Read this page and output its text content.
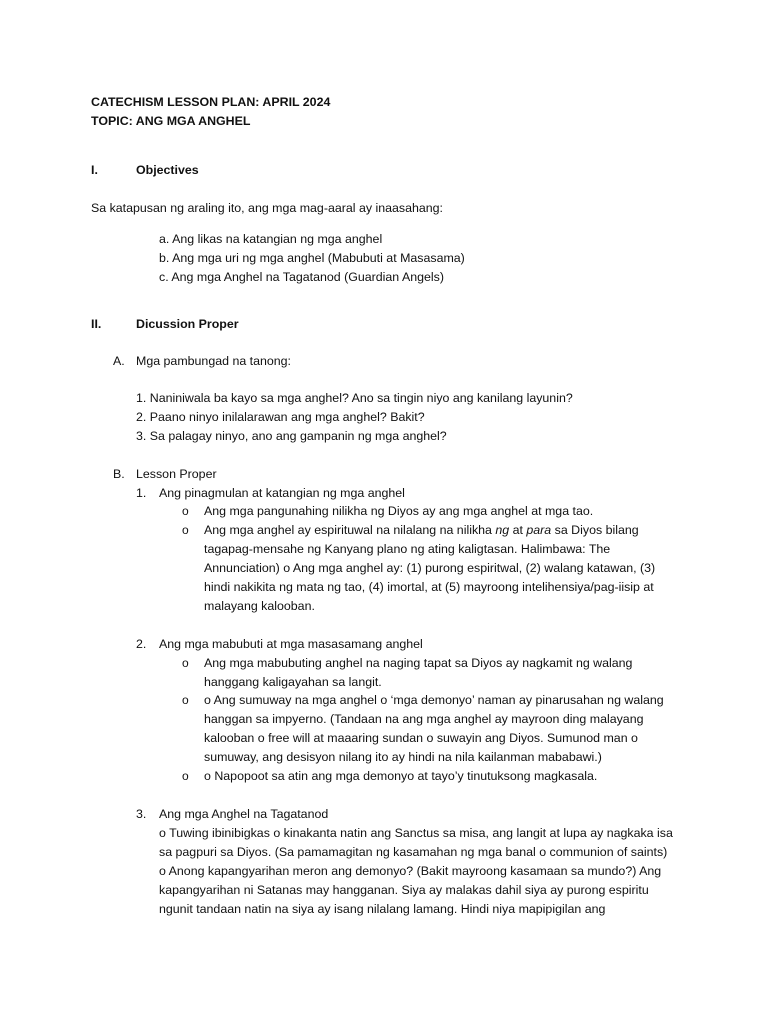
CATECHISM LESSON PLAN: APRIL 2024
TOPIC: ANG MGA ANGHEL
I.	Objectives
Sa katapusan ng araling ito, ang mga mag-aaral ay inaasahang:
a. Ang likas na katangian ng mga anghel
b. Ang mga uri ng mga anghel (Mabubuti at Masasama)
c. Ang mga Anghel na Tagatanod (Guardian Angels)
II.	Dicussion Proper
A. Mga pambungad na tanong:
1. Naniniwala ba kayo sa mga anghel? Ano sa tingin niyo ang kanilang layunin?
2. Paano ninyo inilalarawan ang mga anghel? Bakit?
3. Sa palagay ninyo, ano ang gampanin ng mga anghel?
B. Lesson Proper
1. Ang pinagmulan at katangian ng mga anghel
o Ang mga pangunahing nilikha ng Diyos ay ang mga anghel at mga tao.
o Ang mga anghel ay espirituwal na nilalang na nilikha ng at para sa Diyos bilang
tagapag-mensahe ng Kanyang plano ng ating kaligtasan. Halimbawa: The
Annunciation) o Ang mga anghel ay: (1) purong espiritwal, (2) walang katawan, (3)
hindi nakikita ng mata ng tao, (4) imortal, at (5) mayroong intelihensiya/pag-iisip at
malayang kalooban.
2. Ang mga mabubuti at mga masasamang anghel
o Ang mga mabubuting anghel na naging tapat sa Diyos ay nagkamit ng walang
hanggang kaligayahan sa langit.
o o Ang sumuway na mga anghel o ‘mga demonyo’ naman ay pinarusahan ng walang
hanggan sa impyerno. (Tandaan na ang mga anghel ay mayroon ding malayang
kalooban o free will at maaaring sundan o suwayin ang Diyos. Sumunod man o
sumuway, ang desisyon nilang ito ay hindi na nila kailanman mababawi.)
o o Napopoot sa atin ang mga demonyo at tayo’y tinutuksong magkasala.
3. Ang mga Anghel na Tagatanod
o Tuwing ibinibigkas o kinakanta natin ang Sanctus sa misa, ang langit at lupa ay nagkaka isa
sa pagpuri sa Diyos. (Sa pamamagitan ng kasamahan ng mga banal o communion of saints)
o Anong kapangyarihan meron ang demonyo? (Bakit mayroong kasamaan sa mundo?) Ang
kapangyarihan ni Satanas may hangganan. Siya ay malakas dahil siya ay purong espiritu
ngunit tandaan natin na siya ay isang nilalang lamang. Hindi niya mapipigilan ang
